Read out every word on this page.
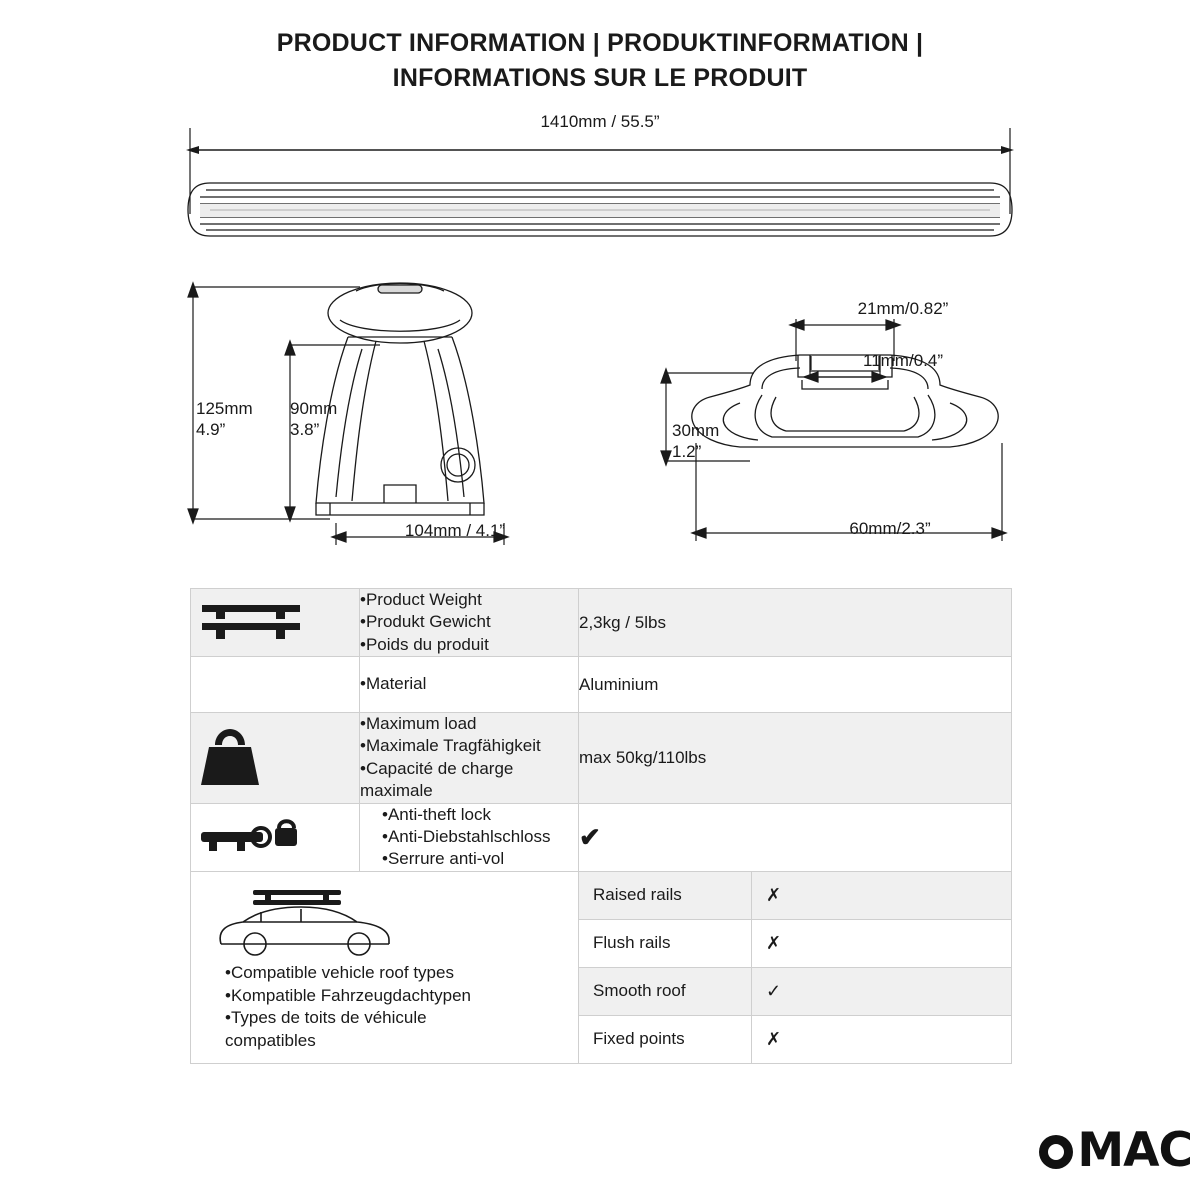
PRODUCT INFORMATION | PRODUKTINFORMATION |
INFORMATIONS SUR LE PRODUIT
1410mm / 55.5”
125mm
4.9”
90mm
3.8”
104mm / 4.1”
21mm/0.82”
11mm/0.4”
30mm
1.2”
60mm/2.3”

•Product Weight
•Produkt Gewicht
•Poids du produit
	2,3kg / 5lbs
	•Material	Aluminium

•Maximum load
•Maximale Tragfähigkeit
•Capacité de charge maximale
	max 50kg/110lbs

•Anti-theft lock
•Anti-Diebstahlschloss
•Serrure anti-vol
	✔

•Compatible vehicle roof types
•Kompatible Fahrzeugdachtypen
•Types de toits de véhicule
compatibles

Raised rails	✗
Flush rails	✗
Smooth roof	✓
Fixed points	✗
MAC
